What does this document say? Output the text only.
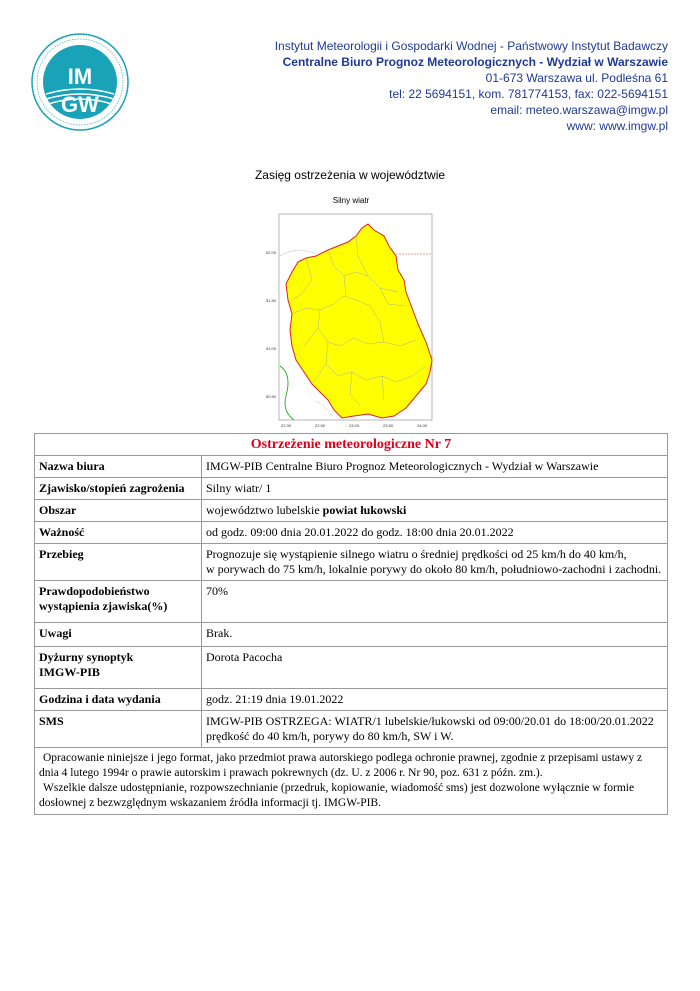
IM
GW
Instytut Meteorologii i Gospodarki Wodnej - Państwowy Instytut Badawczy
Centralne Biuro Prognoz Meteorologicznych - Wydział w Warszawie
01-673 Warszawa ul. Podleśna 61
tel: 22 5694151, kom. 781774153, fax: 022-5694151
email: meteo.warszawa@imgw.pl
www: www.imgw.pl
Zasięg ostrzeżenia w województwie
Silny wiatr
52.00
51.50
51.00
50.50
22.00	22.50	23.00	23.50	24.00
Ostrzeżenie meteorologiczne Nr 7	
Nazwa biura	IMGW-PIB Centralne Biuro Prognoz Meteorologicznych - Wydział w Warszawie
Zjawisko/stopień zagrożenia	Silny wiatr/ 1
Obszar	województwo lubelskie powiat łukowski
Ważność	od godz. 09:00 dnia 20.01.2022 do godz. 18:00 dnia 20.01.2022
Przebieg	Prognozuje się wystąpienie silnego wiatru o średniej prędkości od 25 km/h do 40 km/h,
w porywach do 75 km/h, lokalnie porywy do około 80 km/h, południowo-zachodni i zachodni.

Prawdopodobieństwo
wystąpienia zjawiska(%)	70%
Uwagi	Brak.

Dyżurny synoptyk
IMGW-PIB	Dorota Pacocha
Godzina i data wydania	godz. 21:19 dnia 19.01.2022
SMS	IMGW-PIB OSTRZEGA: WIATR/1 lubelskie/łukowski od 09:00/20.01 do 18:00/20.01.2022
prędkość do 40 km/h, porywy do 80 km/h, SW i W.

Opracowanie niniejsze i jego format, jako przedmiot prawa autorskiego podlega ochronie prawnej, zgodnie z przepisami ustawy z dnia 4 lutego 1994r o prawie autorskim i prawach pokrewnych (dz. U. z 2006 r. Nr 90, poz. 631 z późn. zm.).
Wszelkie dalsze udostępnianie, rozpowszechnianie (przedruk, kopiowanie, wiadomość sms) jest dozwolone wyłącznie w formie dosłownej z bezwzględnym wskazaniem źródła informacji tj. IMGW-PIB.	
